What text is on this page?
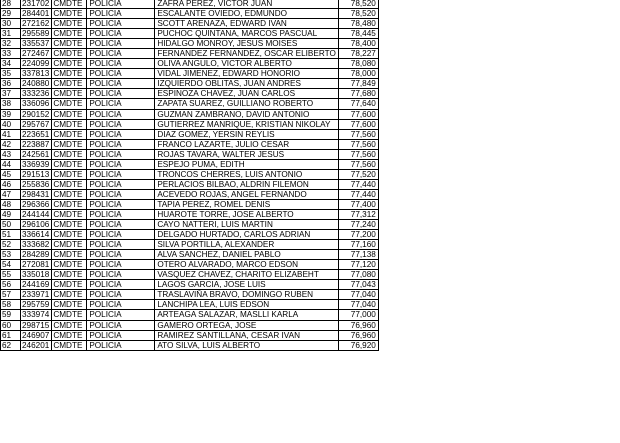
28	231702	CMDTE	POLICIA	ZAFRA PEREZ, VICTOR JUAN	78,520
29	284401	CMDTE	POLICIA	ESCALANTE OVIEDO, EDMUNDO	78,520
30	272162	CMDTE	POLICIA	SCOTT ARENAZA, EDWARD IVAN	78,480
31	295589	CMDTE	POLICIA	PUCHOC QUINTANA, MARCOS PASCUAL	78,445
32	335537	CMDTE	POLICIA	HIDALGO MONROY, JESUS MOISES	78,400
33	272467	CMDTE	POLICIA	FERNANDEZ FERNANDEZ, OSCAR ELIBERTO	78,227
34	224099	CMDTE	POLICIA	OLIVA ANGULO, VICTOR ALBERTO	78,080
35	337813	CMDTE	POLICIA	VIDAL JIMENEZ, EDWARD HONORIO	78,000
36	240880	CMDTE	POLICIA	IZQUIERDO OBLITAS, JUAN ANDRES	77,849
37	333236	CMDTE	POLICIA	ESPINOZA CHAVEZ, JUAN CARLOS	77,680
38	336096	CMDTE	POLICIA	ZAPATA SUAREZ, GUILLIANO ROBERTO	77,640
39	290152	CMDTE	POLICIA	GUZMAN ZAMBRANO, DAVID ANTONIO	77,600
40	295767	CMDTE	POLICIA	GUTIERREZ MANRIQUE, KRISTIAN NIKOLAY	77,600
41	223651	CMDTE	POLICIA	DIAZ GOMEZ, YERSIN REYLIS	77,560
42	223887	CMDTE	POLICIA	FRANCO LAZARTE, JULIO CESAR	77,560
43	242561	CMDTE	POLICIA	ROJAS TAVARA, WALTER JESUS	77,560
44	336939	CMDTE	POLICIA	ESPEJO PUMA, EDITH	77,560
45	291513	CMDTE	POLICIA	TRONCOS CHERRES, LUIS ANTONIO	77,520
46	255836	CMDTE	POLICIA	PERLACIOS BILBAO, ALDRIN FILEMON	77,440
47	298431	CMDTE	POLICIA	ACEVEDO ROJAS, ANGEL FERNANDO	77,440
48	296366	CMDTE	POLICIA	TAPIA PEREZ, ROMEL DENIS	77,400
49	244144	CMDTE	POLICIA	HUAROTE TORRE, JOSE ALBERTO	77,312
50	296106	CMDTE	POLICIA	CAYO NATTERI, LUIS MARTIN	77,240
51	336614	CMDTE	POLICIA	DELGADO HURTADO, CARLOS ADRIAN	77,200
52	333682	CMDTE	POLICIA	SILVA PORTILLA, ALEXANDER	77,160
53	284289	CMDTE	POLICIA	ALVA SANCHEZ, DANIEL PABLO	77,138
54	272081	CMDTE	POLICIA	OTERO ALVARADO, MARCO EDSON	77,120
55	335018	CMDTE	POLICIA	VASQUEZ CHAVEZ, CHARITO ELIZABEHT	77,080
56	244169	CMDTE	POLICIA	LAGOS GARCIA, JOSE LUIS	77,043
57	233971	CMDTE	POLICIA	TRASLAVIÑA BRAVO, DOMINGO RUBEN	77,040
58	295759	CMDTE	POLICIA	LANCHIPA LEA, LUIS EDSON	77,040
59	333974	CMDTE	POLICIA	ARTEAGA SALAZAR, MASLLI KARLA	77,000
60	298715	CMDTE	POLICIA	GAMERO ORTEGA, JOSE	76,960
61	246907	CMDTE	POLICIA	RAMIREZ SANTILLANA, CESAR IVAN	76,960
62	246201	CMDTE	POLICIA	ATO SILVA, LUIS ALBERTO	76,920
